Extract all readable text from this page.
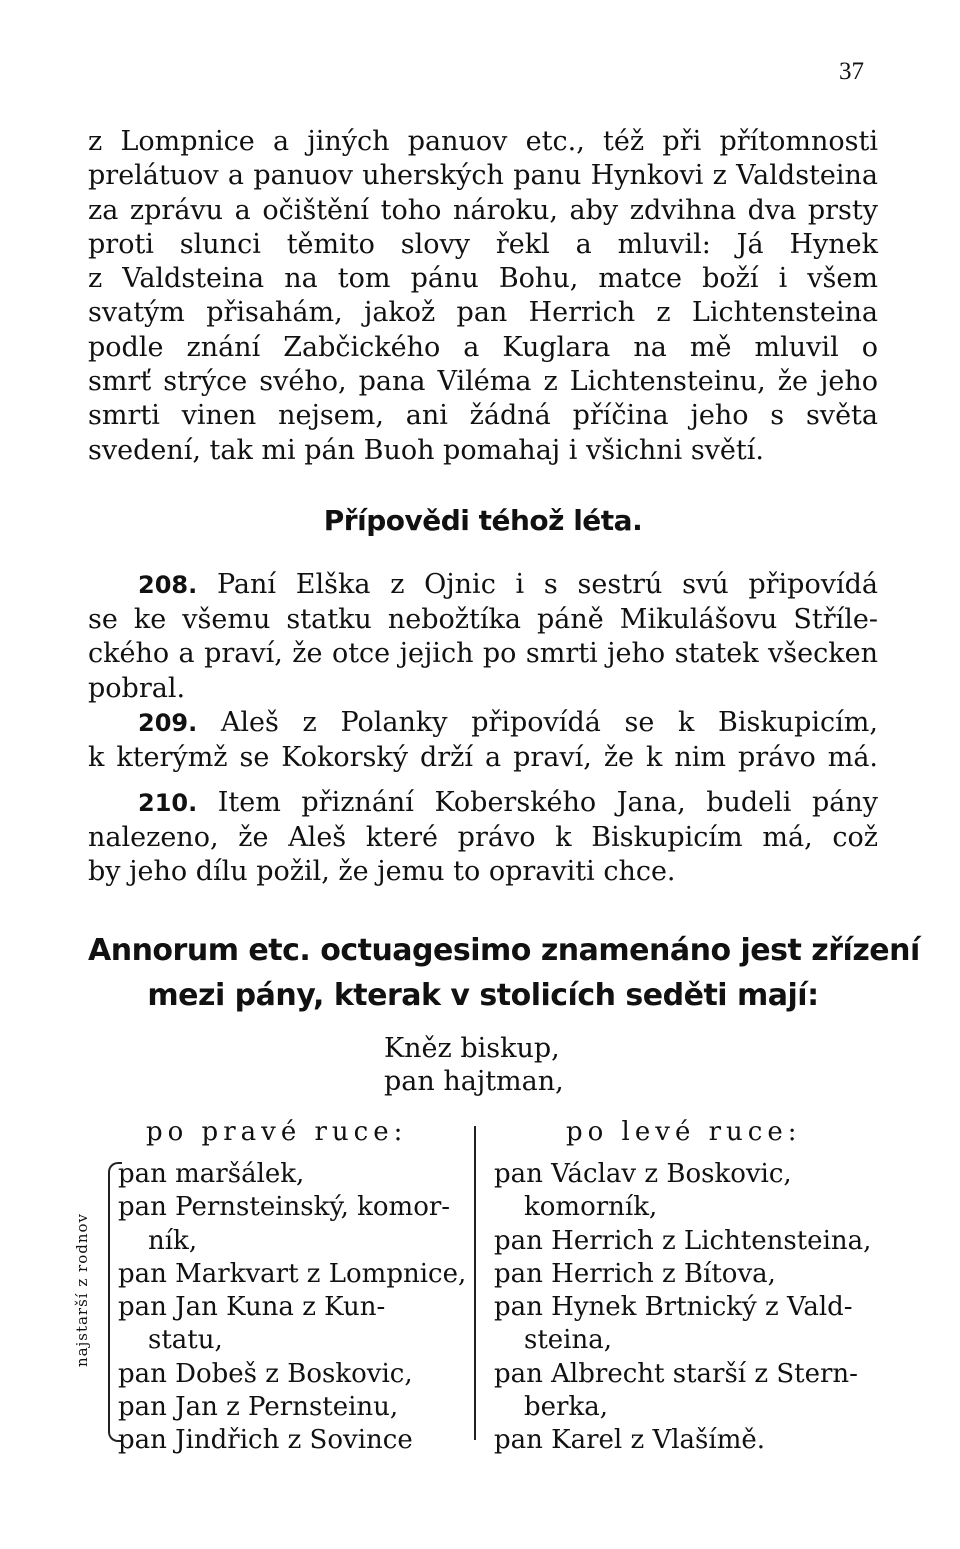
37
z Lompnice a jiných panuov etc., též při přítomnosti
prelátuov a panuov uherských panu Hynkovi z Valdsteina
za zprávu a očištění toho nároku, aby zdvihna dva prsty
proti slunci těmito slovy řekl a mluvil: Já Hynek
z Valdsteina na tom pánu Bohu, matce boží i všem
svatým přisahám, jakož pan Herrich z Lichtensteina
podle znání Zabčického a Kuglara na mě mluvil o
smrť strýce svého, pana Viléma z Lichtensteinu, že jeho
smrti vinen nejsem, ani žádná příčina jeho s světa
svedení, tak mi pán Buoh pomahaj i všichni světí.
Přípovědi téhož léta.
208. Paní Elška z Ojnic i s sestrú svú připovídá
se ke všemu statku nebožtíka páně Mikulášovu Stříle-
ckého a praví, že otce jejich po smrti jeho statek všecken
pobral.
209. Aleš z Polanky připovídá se k Biskupicím,
k kterýmž se Kokorský drží a praví, že k nim právo má.
210. Item přiznání Koberského Jana, budeli pány
nalezeno, že Aleš které právo k Biskupicím má, což
by jeho dílu požil, že jemu to opraviti chce.
Annorum etc. octuagesimo znamenáno jest zřízení
mezi pány, kterak v stolicích seděti mají:
Kněz biskup,
pan hajtman,
po pravé ruce:	po levé ruce:
najstarší z rodnov
pan maršálek,
pan Pernsteinský, komor-
ník,
pan Markvart z Lompnice,
pan Jan Kuna z Kun-
statu,
pan Dobeš z Boskovic,
pan Jan z Pernsteinu,
pan Jindřich z Sovince
pan Václav z Boskovic,
komorník,
pan Herrich z Lichtensteina,
pan Herrich z Bítova,
pan Hynek Brtnický z Vald-
steina,
pan Albrecht starší z Stern-
berka,
pan Karel z Vlašímě.
